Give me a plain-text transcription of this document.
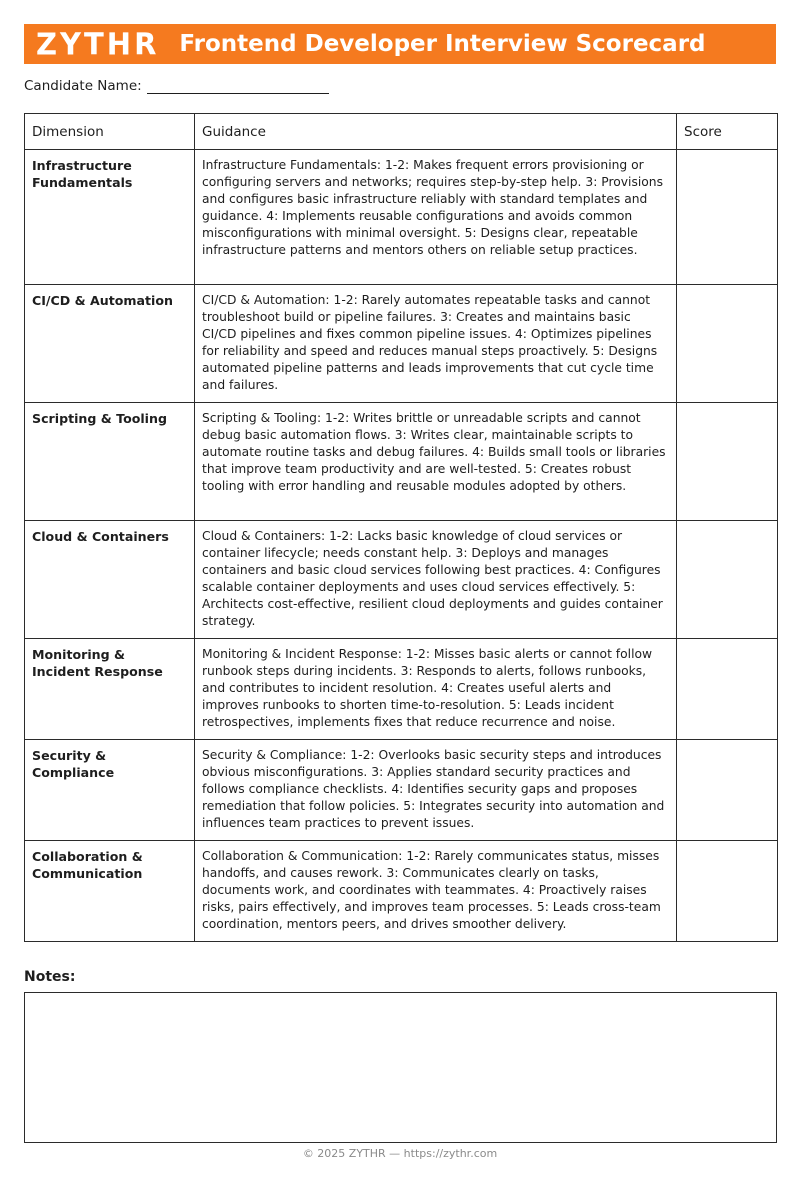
ZYTHR Frontend Developer Interview Scorecard
Candidate Name:
Dimension	Guidance	Score
Infrastructure Fundamentals	Infrastructure Fundamentals: 1-2: Makes frequent errors provisioning or configuring servers and networks; requires step-by-step help. 3: Provisions and configures basic infrastructure reliably with standard templates and guidance. 4: Implements reusable configurations and avoids common misconfigurations with minimal oversight. 5: Designs clear, repeatable infrastructure patterns and mentors others on reliable setup practices.	
CI/CD & Automation	CI/CD & Automation: 1-2: Rarely automates repeatable tasks and cannot troubleshoot build or pipeline failures. 3: Creates and maintains basic CI/CD pipelines and fixes common pipeline issues. 4: Optimizes pipelines for reliability and speed and reduces manual steps proactively. 5: Designs automated pipeline patterns and leads improvements that cut cycle time and failures.	
Scripting & Tooling	Scripting & Tooling: 1-2: Writes brittle or unreadable scripts and cannot debug basic automation flows. 3: Writes clear, maintainable scripts to automate routine tasks and debug failures. 4: Builds small tools or libraries that improve team productivity and are well-tested. 5: Creates robust tooling with error handling and reusable modules adopted by others.	
Cloud & Containers	Cloud & Containers: 1-2: Lacks basic knowledge of cloud services or container lifecycle; needs constant help. 3: Deploys and manages containers and basic cloud services following best practices. 4: Configures scalable container deployments and uses cloud services effectively. 5: Architects cost-effective, resilient cloud deployments and guides container strategy.	
Monitoring & Incident Response	Monitoring & Incident Response: 1-2: Misses basic alerts or cannot follow runbook steps during incidents. 3: Responds to alerts, follows runbooks, and contributes to incident resolution. 4: Creates useful alerts and improves runbooks to shorten time-to-resolution. 5: Leads incident retrospectives, implements fixes that reduce recurrence and noise.	
Security & Compliance	Security & Compliance: 1-2: Overlooks basic security steps and introduces obvious misconfigurations. 3: Applies standard security practices and follows compliance checklists. 4: Identifies security gaps and proposes remediation that follow policies. 5: Integrates security into automation and influences team practices to prevent issues.	
Collaboration & Communication	Collaboration & Communication: 1-2: Rarely communicates status, misses handoffs, and causes rework. 3: Communicates clearly on tasks, documents work, and coordinates with teammates. 4: Proactively raises risks, pairs effectively, and improves team processes. 5: Leads cross-team coordination, mentors peers, and drives smoother delivery.	
Notes:
© 2025 ZYTHR — https://zythr.com
